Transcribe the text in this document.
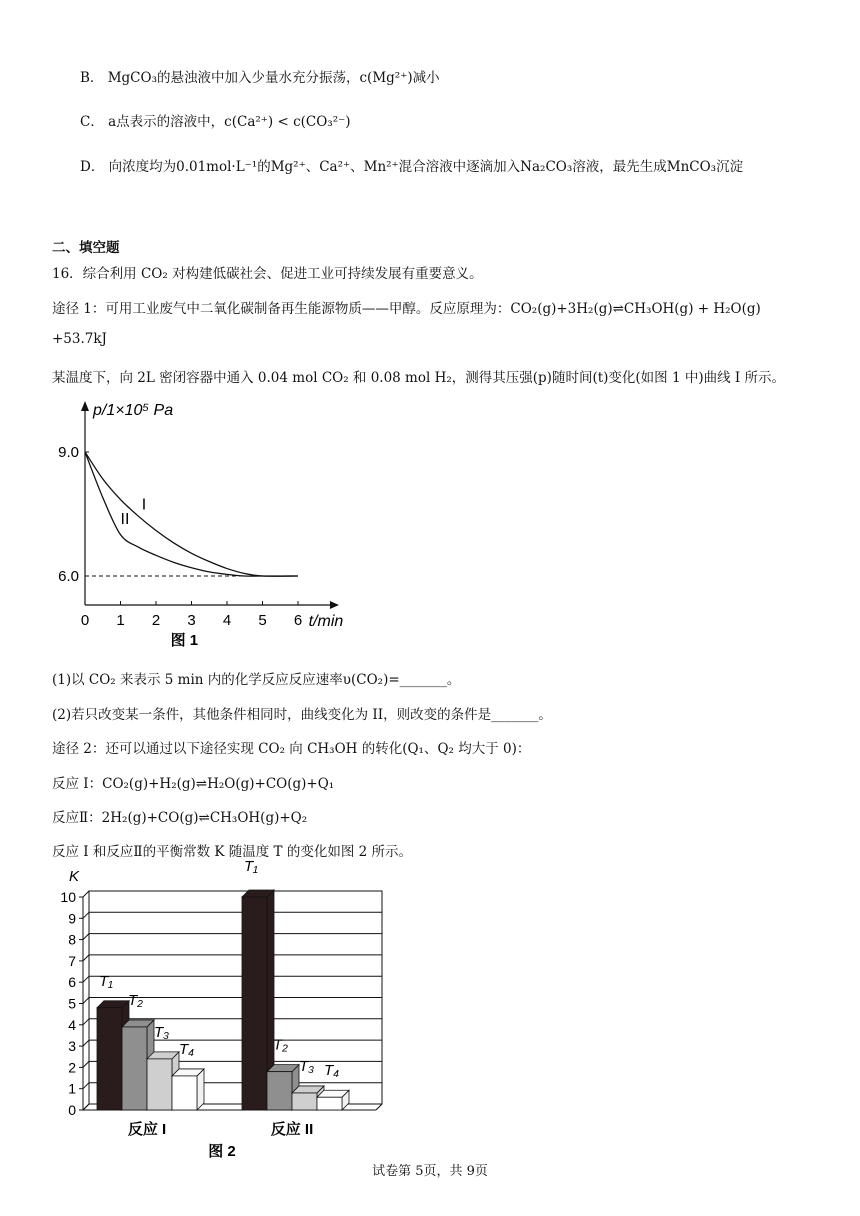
B． MgCO₃的悬浊液中加入少量水充分振荡，c(Mg²⁺)减小
C． a点表示的溶液中，c(Ca²⁺) < c(CO₃²⁻)
D． 向浓度均为0.01mol·L⁻¹的Mg²⁺、Ca²⁺、Mn²⁺混合溶液中逐滴加入Na₂CO₃溶液，最先生成MnCO₃沉淀
二、填空题
16．综合利用 CO₂ 对构建低碳社会、促进工业可持续发展有重要意义。
途径 1：可用工业废气中二氧化碳制备再生能源物质——甲醇。反应原理为：CO₂(g)+3H₂(g)⇌CH₃OH(g) + H₂O(g)
+53.7kJ
某温度下，向 2L 密闭容器中通入 0.04 mol CO₂ 和 0.08 mol H₂，测得其压强(p)随时间(t)变化(如图 1 中)曲线 I 所示。
p/1×10⁵ Pa
t/min
0 1 2 3 4 5 6
6.0
9.0
I
II
图 1
(1)以 CO₂ 来表示 5 min 内的化学反应反应速率υ(CO₂)=_______。
(2)若只改变某一条件，其他条件相同时，曲线变化为 II，则改变的条件是_______。
途径 2：还可以通过以下途径实现 CO₂ 向 CH₃OH 的转化(Q₁、Q₂ 均大于 0)：
反应 I：CO₂(g)+H₂(g)⇌H₂O(g)+CO(g)+Q₁
反应Ⅱ：2H₂(g)+CO(g)⇌CH₃OH(g)+Q₂
反应 I 和反应Ⅱ的平衡常数 K 随温度 T 的变化如图 2 所示。
0
1
2
3
4
5
6
7
8
9
10
K
T₁
T₂
T₃
T₄
反应 I
T₁
T₂
T₃ T₄
反应 II
图 2
试卷第 5页，共 9页
